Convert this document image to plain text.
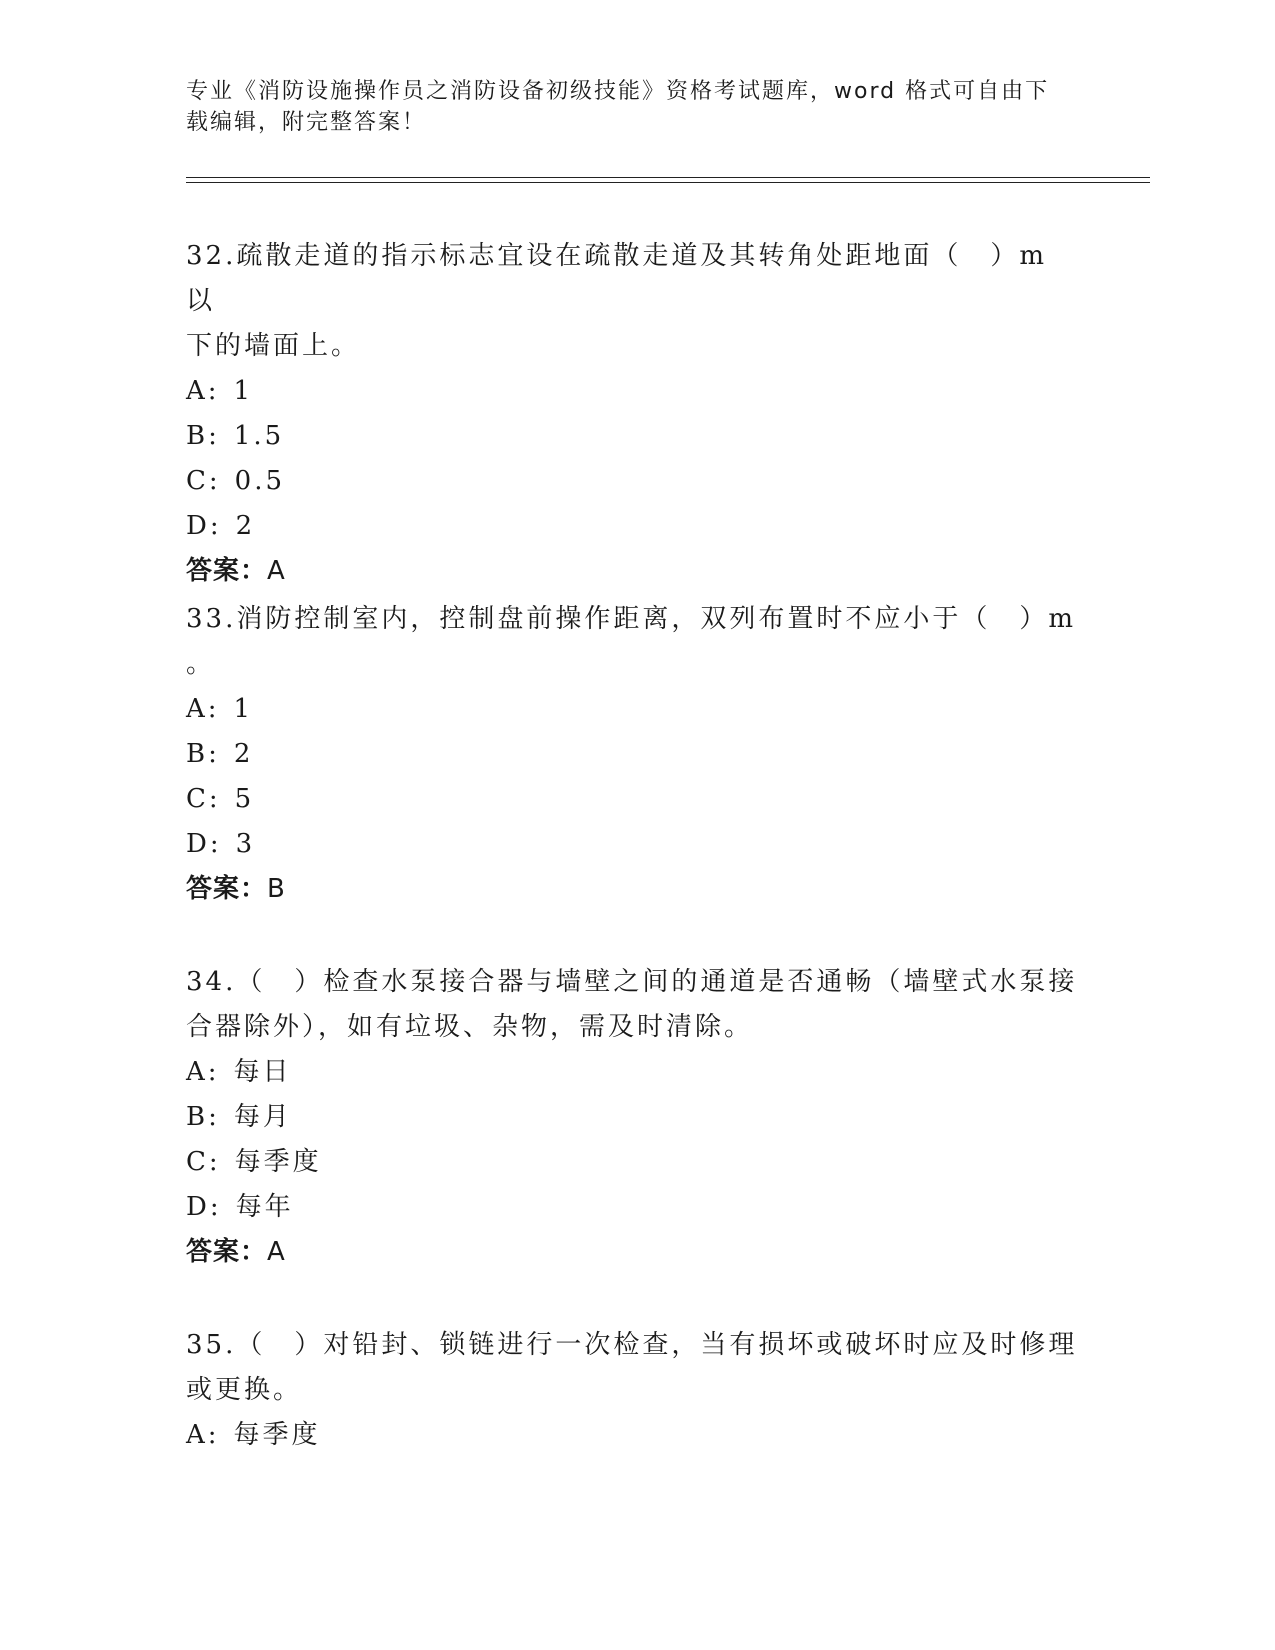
专业《消防设施操作员之消防设备初级技能》资格考试题库，word 格式可自由下
载编辑，附完整答案！

32.疏散走道的指示标志宜设在疏散走道及其转角处距地面（　）m 以

下的墙面上。

A: 1

B: 1.5

C: 0.5

D: 2

答案：A

33.消防控制室内，控制盘前操作距离，双列布置时不应小于（　）m

。

A: 1

B: 2

C: 5

D: 3

答案：B

34.（　）检查水泵接合器与墙壁之间的通道是否通畅（墙壁式水泵接

合器除外），如有垃圾、杂物，需及时清除。

A: 每日

B: 每月

C: 每季度

D: 每年

答案：A

35.（　）对铅封、锁链进行一次检查，当有损坏或破坏时应及时修理

或更换。

A: 每季度
